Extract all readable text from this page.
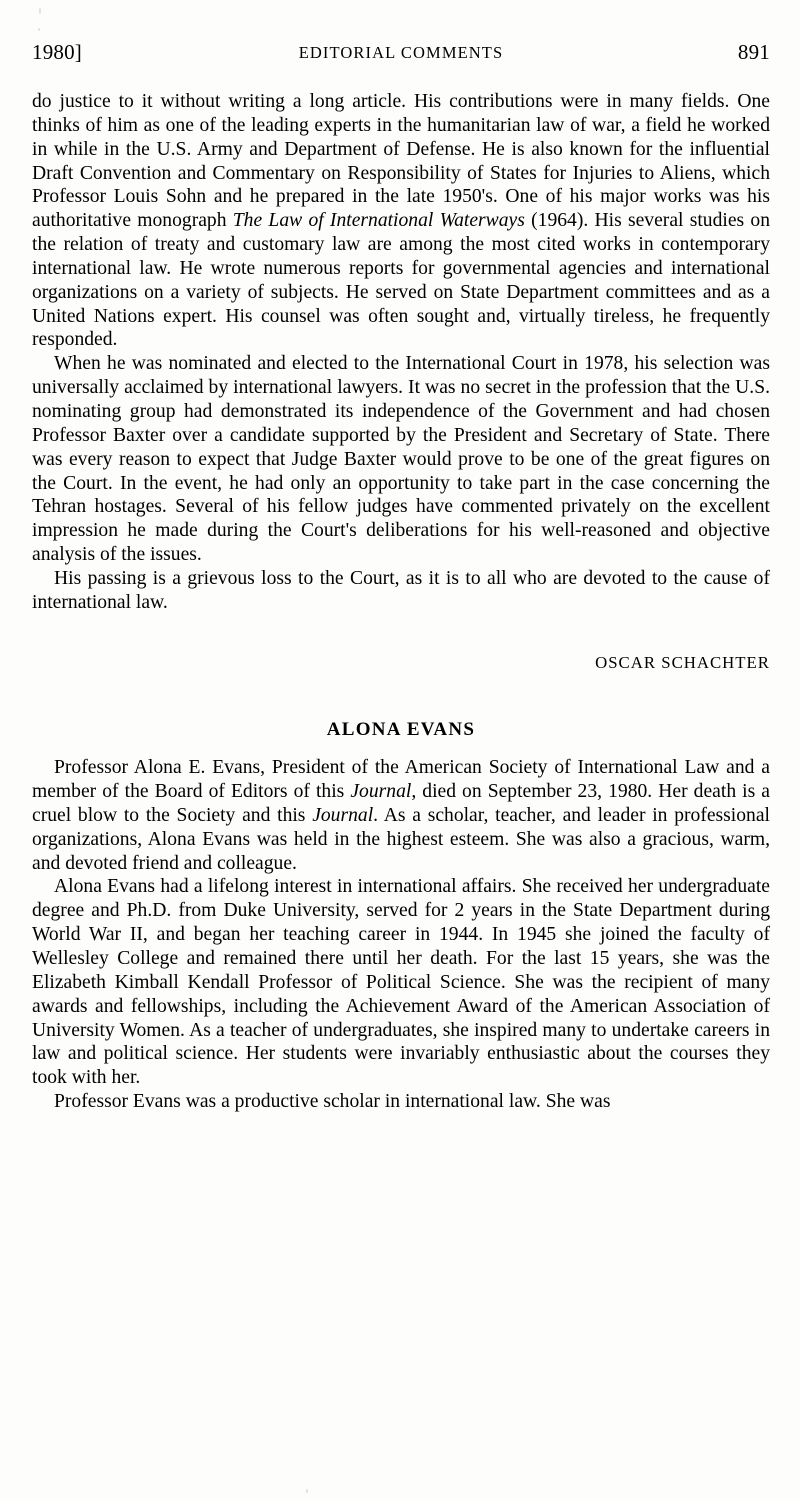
1980]	EDITORIAL COMMENTS	891

do justice to it without writing a long article. His contributions were in many fields. One thinks of him as one of the leading experts in the humanitarian law of war, a field he worked in while in the U.S. Army and Department of Defense. He is also known for the influential Draft Convention and Commentary on Responsibility of States for Injuries to Aliens, which Professor Louis Sohn and he prepared in the late 1950's. One of his major works was his authoritative monograph The Law of International Waterways (1964). His several studies on the relation of treaty and customary law are among the most cited works in contemporary international law. He wrote numerous reports for governmental agencies and international organizations on a variety of subjects. He served on State Department committees and as a United Nations expert. His counsel was often sought and, virtually tireless, he frequently responded.

When he was nominated and elected to the International Court in 1978, his selection was universally acclaimed by international lawyers. It was no secret in the profession that the U.S. nominating group had demonstrated its independence of the Government and had chosen Professor Baxter over a candidate supported by the President and Secretary of State. There was every reason to expect that Judge Baxter would prove to be one of the great figures on the Court. In the event, he had only an opportunity to take part in the case concerning the Tehran hostages. Several of his fellow judges have commented privately on the excellent impression he made during the Court's deliberations for his well-reasoned and objective analysis of the issues.

His passing is a grievous loss to the Court, as it is to all who are devoted to the cause of international law.

OSCAR SCHACHTER
ALONA EVANS

Professor Alona E. Evans, President of the American Society of International Law and a member of the Board of Editors of this Journal, died on September 23, 1980. Her death is a cruel blow to the Society and this Journal. As a scholar, teacher, and leader in professional organizations, Alona Evans was held in the highest esteem. She was also a gracious, warm, and devoted friend and colleague.

Alona Evans had a lifelong interest in international affairs. She received her undergraduate degree and Ph.D. from Duke University, served for 2 years in the State Department during World War II, and began her teaching career in 1944. In 1945 she joined the faculty of Wellesley College and remained there until her death. For the last 15 years, she was the Elizabeth Kimball Kendall Professor of Political Science. She was the recipient of many awards and fellowships, including the Achievement Award of the American Association of University Women. As a teacher of undergraduates, she inspired many to undertake careers in law and political science. Her students were invariably enthusiastic about the courses they took with her.

Professor Evans was a productive scholar in international law. She was
